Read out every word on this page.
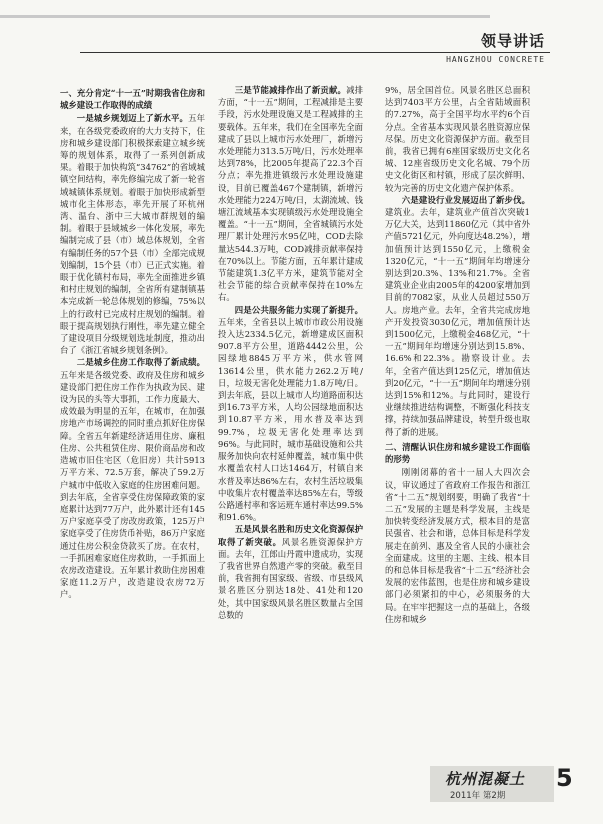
领导讲话
HANGZHOU CONCRETE

一、充分肯定“十一五”时期我省住房和城乡建设工作取得的成绩

一是城乡规划迈上了新水平。五年来，在各级党委政府的大力支持下，住房和城乡建设部门积极探索建立城乡统筹的规划体系，取得了一系列创新成果。着眼于加快构筑“34762”的省域城镇空间结构，率先修编完成了新一轮省域城镇体系规划。着眼于加快形成新型城市化主体形态，率先开展了环杭州湾、温台、浙中三大城市群规划的编制。着眼于县域城乡一体化发展，率先编制完成了县（市）域总体规划，全省有编制任务的57个县（市）全部完成规划编制，15个县（市）已正式实施。着眼于优化镇村布局，率先全面推进乡镇和村庄规划的编制，全省所有建制镇基本完成新一轮总体规划的修编，75%以上的行政村已完成村庄规划的编制。着眼于提高规划执行刚性，率先建立健全了建设项目分级规划选址制度，推动出台了《浙江省城乡规划条例》。

二是城乡住房工作取得了新成绩。五年来是各级党委、政府及住房和城乡建设部门把住房工作作为执政为民、建设为民的头等大事抓，工作力度最大、成效最为明显的五年，在城市，在加强房地产市场调控的同时重点抓好住房保障。全省五年新建经济适用住房、廉租住房、公共租赁住房、限价商品房和改造城市旧住宅区（危旧房）共计5913万平方米、72.5万套，解决了59.2万户城市中低收入家庭的住房困难问题。到去年底，全省享受住房保障政策的家庭累计达到77万户，此外累计还有145万户家庭享受了房改房政策，125万户家庭享受了住房货币补贴，86万户家庭通过住房公积金贷款买了房。在农村，一手抓困难家庭住房救助，一手抓面上农房改造建设。五年累计救助住房困难家庭11.2万户，改造建设农房72万户。

三是节能减排作出了新贡献。减排方面，“十一五”期间，工程减排是主要手段，污水处理设施又是工程减排的主要载体。五年来，我们在全国率先全面建成了县以上城市污水处理厂，新增污水处理能力313.5万吨/日，污水处理率达到78%，比2005年提高了22.3个百分点；率先推进镇级污水处理设施建设，目前已覆盖467个建制镇，新增污水处理能力224万吨/日，太湖流域、钱塘江流域基本实现镇级污水处理设施全覆盖。“十一五”期间，全省城镇污水处理厂累计处理污水95亿吨，COD去除量达544.3万吨，COD减排贡献率保持在70%以上。节能方面，五年累计建成节能建筑1.3亿平方米，建筑节能对全社会节能的综合贡献率保持在10%左右。

四是公共服务能力实现了新提升。五年来，全省县以上城市市政公用设施投入达2334.5亿元，新增建成区面积907.8平方公里，道路4442公里，公园绿地8845万平方米，供水管网13614公里，供水能力262.2万吨/日，垃圾无害化处理能力1.8万吨/日。到去年底，县以上城市人均道路面积达到16.73平方米，人均公园绿地面积达到10.87平方米，用水普及率达到99.7%，垃圾无害化处理率达到96%。与此同时，城市基础设施和公共服务加快向农村延伸覆盖，城市集中供水覆盖农村人口达1464万，村镇自来水普及率达86%左右，农村生活垃圾集中收集片农村覆盖率达85%左右，等级公路通村率和客运班车通村率达99.5%和91.6%。

五是风景名胜和历史文化资源保护取得了新突破。风景名胜资源保护方面。去年，江郎山丹霞申遗成功，实现了我省世界自然遗产零的突破。截至目前，我省拥有国家级、省级、市县级风景名胜区分别达18处、41处和120处，其中国家级风景名胜区数量占全国总数的

9%，居全国首位。风景名胜区总面积达到7403平方公里，占全省陆域面积的7.27%，高于全国平均水平约6个百分点。全省基本实现风景名胜资源应保尽保。历史文化资源保护方面。截至目前，我省已拥有6座国家级历史文化名城、12座省级历史文化名城、79个历史文化街区和村镇，形成了层次鲜明、较为完善的历史文化遗产保护体系。

六是建设行业发展迈出了新步伐。建筑业。去年，建筑业产值首次突破1万亿大关，达到11860亿元（其中省外产值5721亿元，外向度达48.2%），增加值预计达到1550亿元，上缴税金1320亿元，“十一五”期间年均增速分别达到20.3%、13%和21.7%。全省建筑业企业由2005年的4200家增加到目前的7082家，从业人员超过550万人。房地产业。去年，全省共完成房地产开发投资3030亿元，增加值预计达到1500亿元，上缴税金468亿元，“十一五”期间年均增速分别达到15.8%、16.6%和22.3%。勘察设计业。去年，全省产值达到125亿元，增加值达到20亿元，“十一五”期间年均增速分别达到15%和12%。与此同时，建设行业继续推进结构调整，不断强化科技支撑，持续加强品牌建设，转型升级也取得了新的进展。

二、清醒认识住房和城乡建设工作面临的形势

刚刚闭幕的省十一届人大四次会议，审议通过了省政府工作报告和浙江省“十二五”规划纲要，明确了我省“十二五”发展的主题是科学发展，主线是加快转变经济发展方式，根本目的是富民强省、社会和谐，总体目标是科学发展走在前列、惠及全省人民的小康社会全面建成。这里的主题、主线、根本目的和总体目标是我省“十二五”经济社会发展的宏伟蓝图，也是住房和城乡建设部门必须紧扣的中心，必须服务的大局。在牢牢把握这一点的基础上，各级住房和城乡

杭州混凝土
2011年 第2期
5
